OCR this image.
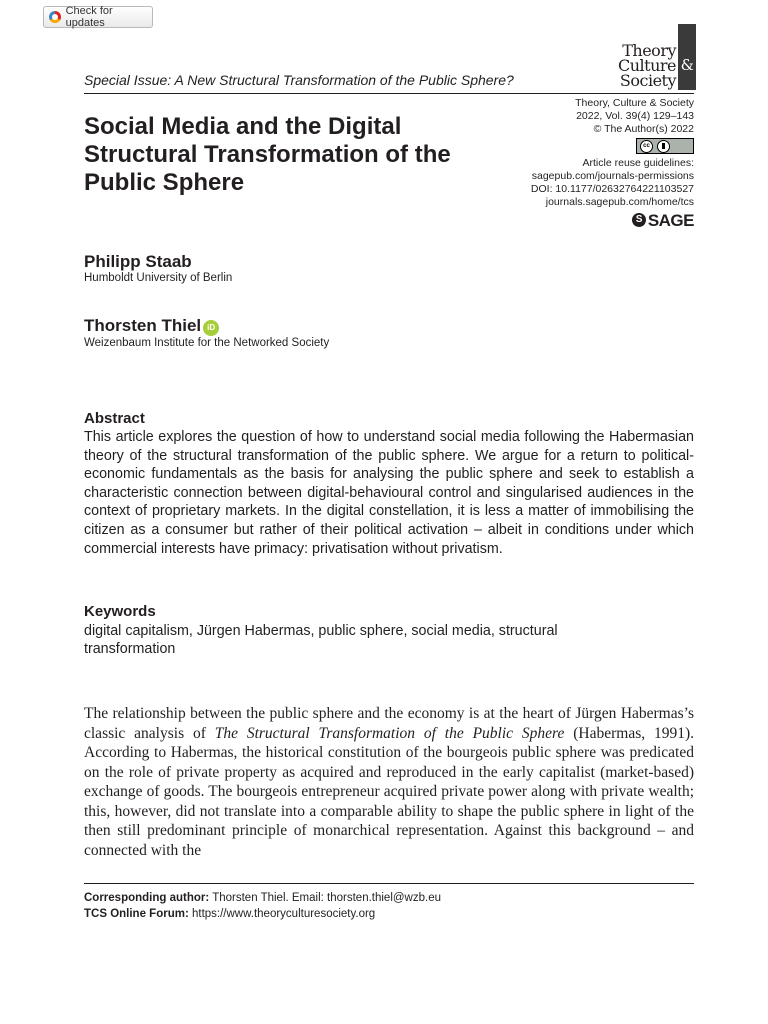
Check for updates
&
Theory
Culture
Society
Special Issue: A New Structural Transformation of the Public Sphere?
Social Media and the Digital Structural Transformation of the Public Sphere
Theory, Culture & Society
2022, Vol. 39(4) 129–143
© The Author(s) 2022
cc
Article reuse guidelines:
sagepub.com/journals-permissions
DOI: 10.1177/02632764221103527
journals.sagepub.com/home/tcs
S SAGE
Philipp Staab
Humboldt University of Berlin
Thorsten Thiel iD
Weizenbaum Institute for the Networked Society
Abstract

This article explores the question of how to understand social media following the Habermasian theory of the structural transformation of the public sphere. We argue for a return to political-economic fundamentals as the basis for analysing the public sphere and seek to establish a characteristic connection between digital-behavioural control and singularised audiences in the context of proprietary markets. In the digital constellation, it is less a matter of immobilising the citizen as a consumer but rather of their political activation – albeit in conditions under which commercial interests have primacy: privatisation without privatism.

Keywords

digital capitalism, Jürgen Habermas, public sphere, social media, structural transformation

The relationship between the public sphere and the economy is at the heart of Jürgen Habermas’s classic analysis of The Structural Transformation of the Public Sphere (Habermas, 1991). According to Habermas, the historical constitution of the bourgeois public sphere was predicated on the role of private property as acquired and reproduced in the early capitalist (market-based) exchange of goods. The bourgeois entrepreneur acquired private power along with private wealth; this, however, did not translate into a comparable ability to shape the public sphere in light of the then still predominant principle of monarchical representation. Against this background – and connected with the

Corresponding author: Thorsten Thiel. Email: thorsten.thiel@wzb.eu
TCS Online Forum: https://www.theoryculturesociety.org
